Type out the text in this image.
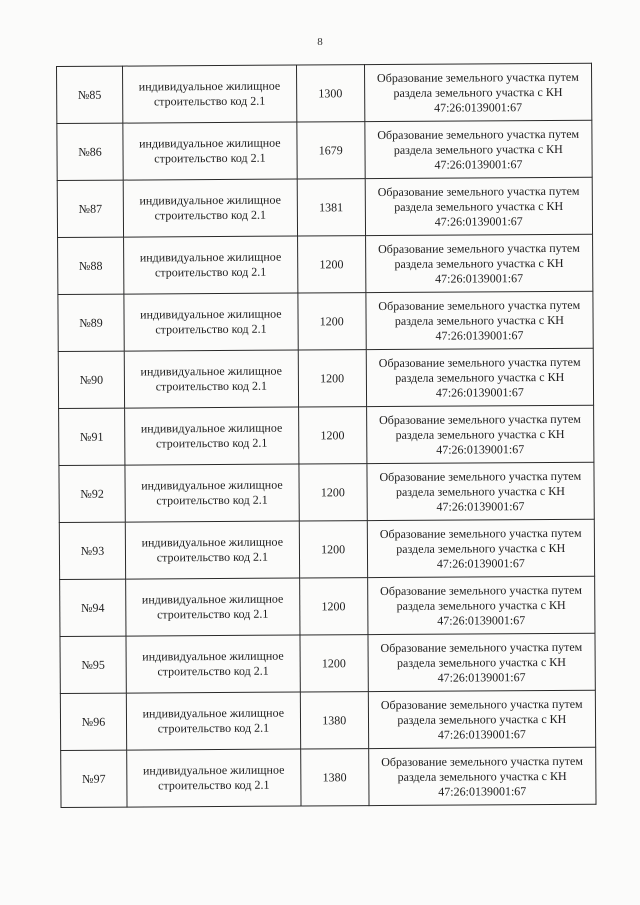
8
№85	индивидуальное жилищное
строительство код 2.1	1300	Образование земельного участка путем
раздела земельного участка с КН
47:26:0139001:67

№86	индивидуальное жилищное
строительство код 2.1	1679	Образование земельного участка путем
раздела земельного участка с КН
47:26:0139001:67

№87	индивидуальное жилищное
строительство код 2.1	1381	Образование земельного участка путем
раздела земельного участка с КН
47:26:0139001:67

№88	индивидуальное жилищное
строительство код 2.1	1200	Образование земельного участка путем
раздела земельного участка с КН
47:26:0139001:67

№89	индивидуальное жилищное
строительство код 2.1	1200	Образование земельного участка путем
раздела земельного участка с КН
47:26:0139001:67

№90	индивидуальное жилищное
строительство код 2.1	1200	Образование земельного участка путем
раздела земельного участка с КН
47:26:0139001:67

№91	индивидуальное жилищное
строительство код 2.1	1200	Образование земельного участка путем
раздела земельного участка с КН
47:26:0139001:67

№92	индивидуальное жилищное
строительство код 2.1	1200	Образование земельного участка путем
раздела земельного участка с КН
47:26:0139001:67

№93	индивидуальное жилищное
строительство код 2.1	1200	Образование земельного участка путем
раздела земельного участка с КН
47:26:0139001:67

№94	индивидуальное жилищное
строительство код 2.1	1200	Образование земельного участка путем
раздела земельного участка с КН
47:26:0139001:67

№95	индивидуальное жилищное
строительство код 2.1	1200	Образование земельного участка путем
раздела земельного участка с КН
47:26:0139001:67

№96	индивидуальное жилищное
строительство код 2.1	1380	Образование земельного участка путем
раздела земельного участка с КН
47:26:0139001:67

№97	индивидуальное жилищное
строительство код 2.1	1380	Образование земельного участка путем
раздела земельного участка с КН
47:26:0139001:67
